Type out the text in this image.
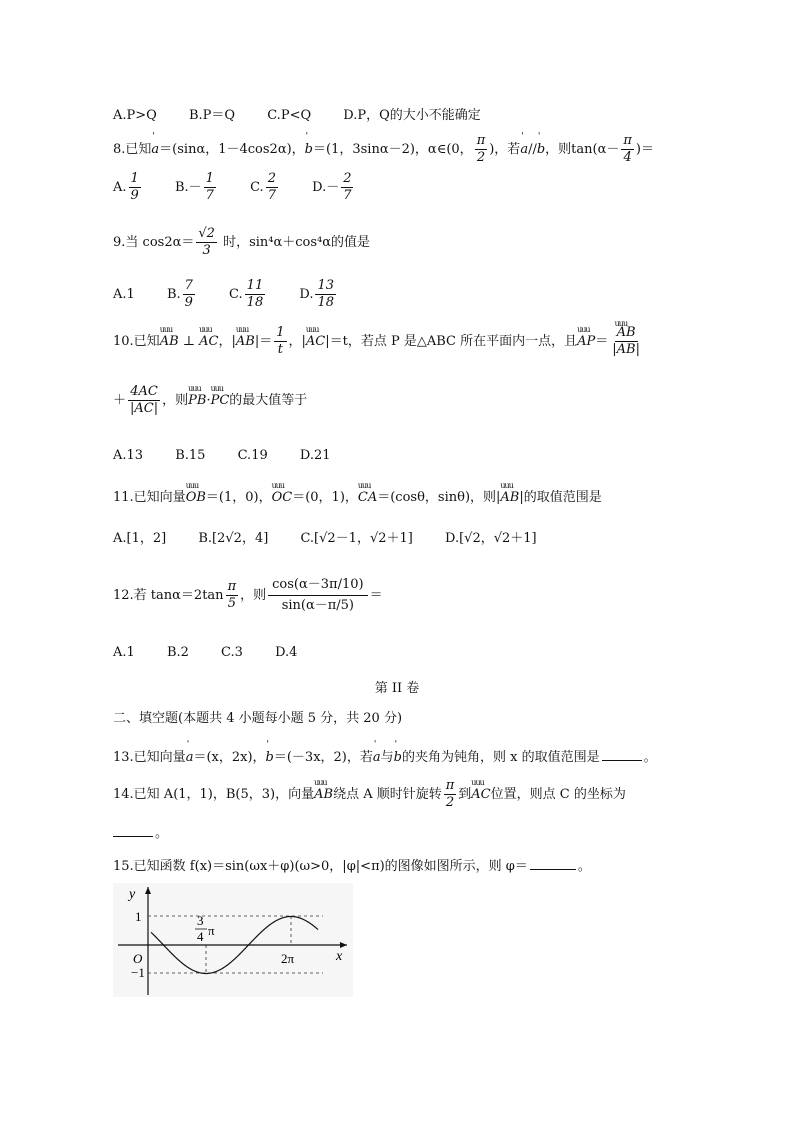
A.P>Q B.P＝Q C.P<Q D.P，Q的大小不能确定
8.已知' a＝(sinα，1－4cos2α)，' b＝(1，3sinα－2)，α∈(0， $\frac{\pi}{2}$ )，若' a//' b，则$\tan(\alpha- \frac{\pi}{4}$ )＝
A. $\frac{1}{9}$	$B.- \frac{1}{7}$	C. $\frac{2}{7}$	$D.- \frac{2}{7}$
9.当 $\cos 2\alpha= \frac{√2}{3}$ 时，sin⁴α＋cos⁴α的值是
A.1 B. $\frac{7}{9}$	C. $\frac{11}{18}$	D. $\frac{13}{18}$
10.已知uuu AB ⊥ uuu AC，|uuu $AB|= \frac{1}{t}$ ，|uuu AC|＝t，若点 P 是△ABC 所在平面内一点，且uuu AP＝
uuu $\frac{AB}{|AB|}$
＋ $\frac{4AC}{|AC|}$ ，则uuu PB·uuu PC的最大值等于
A.13 B.15 C.19 D.21
11.已知向量uuu OB＝(1，0)，uuu OC＝(0，1)，uuu CA＝(cosθ，sinθ)，则|uuu AB|的取值范围是
A.[1，2] B.[2√2，4] C.[√2－1，√2＋1] D.[√2，√2＋1]
12.若 $\tan\alpha=2\tan \frac{\pi}{5}$ ，则 $\frac{\cos(\alpha-3\pi/10)}{\sin(\alpha-\pi/5)}$ ＝
A.1 B.2 C.3 D.4
第 II 卷
二、填空题(本题共 4 小题每小题 5 分，共 20 分)
13.已知向量' a＝(x，2x)，' b＝(－3x，2)，若' a与' b的夹角为钝角，则 x 的取值范围是	。
14.已知 A(1，1)，B(5，3)，向量uuu AB绕点 A 顺时针旋转 $\frac{\pi}{2}$ 到uuu AC位置，则点 C 的坐标为
。
15.已知函数 f(x)＝sin(ωx＋φ)(ω>0，|φ|<π)的图像如图所示，则 φ＝	。
y
x
O
1
−1
3
4 π
2π
